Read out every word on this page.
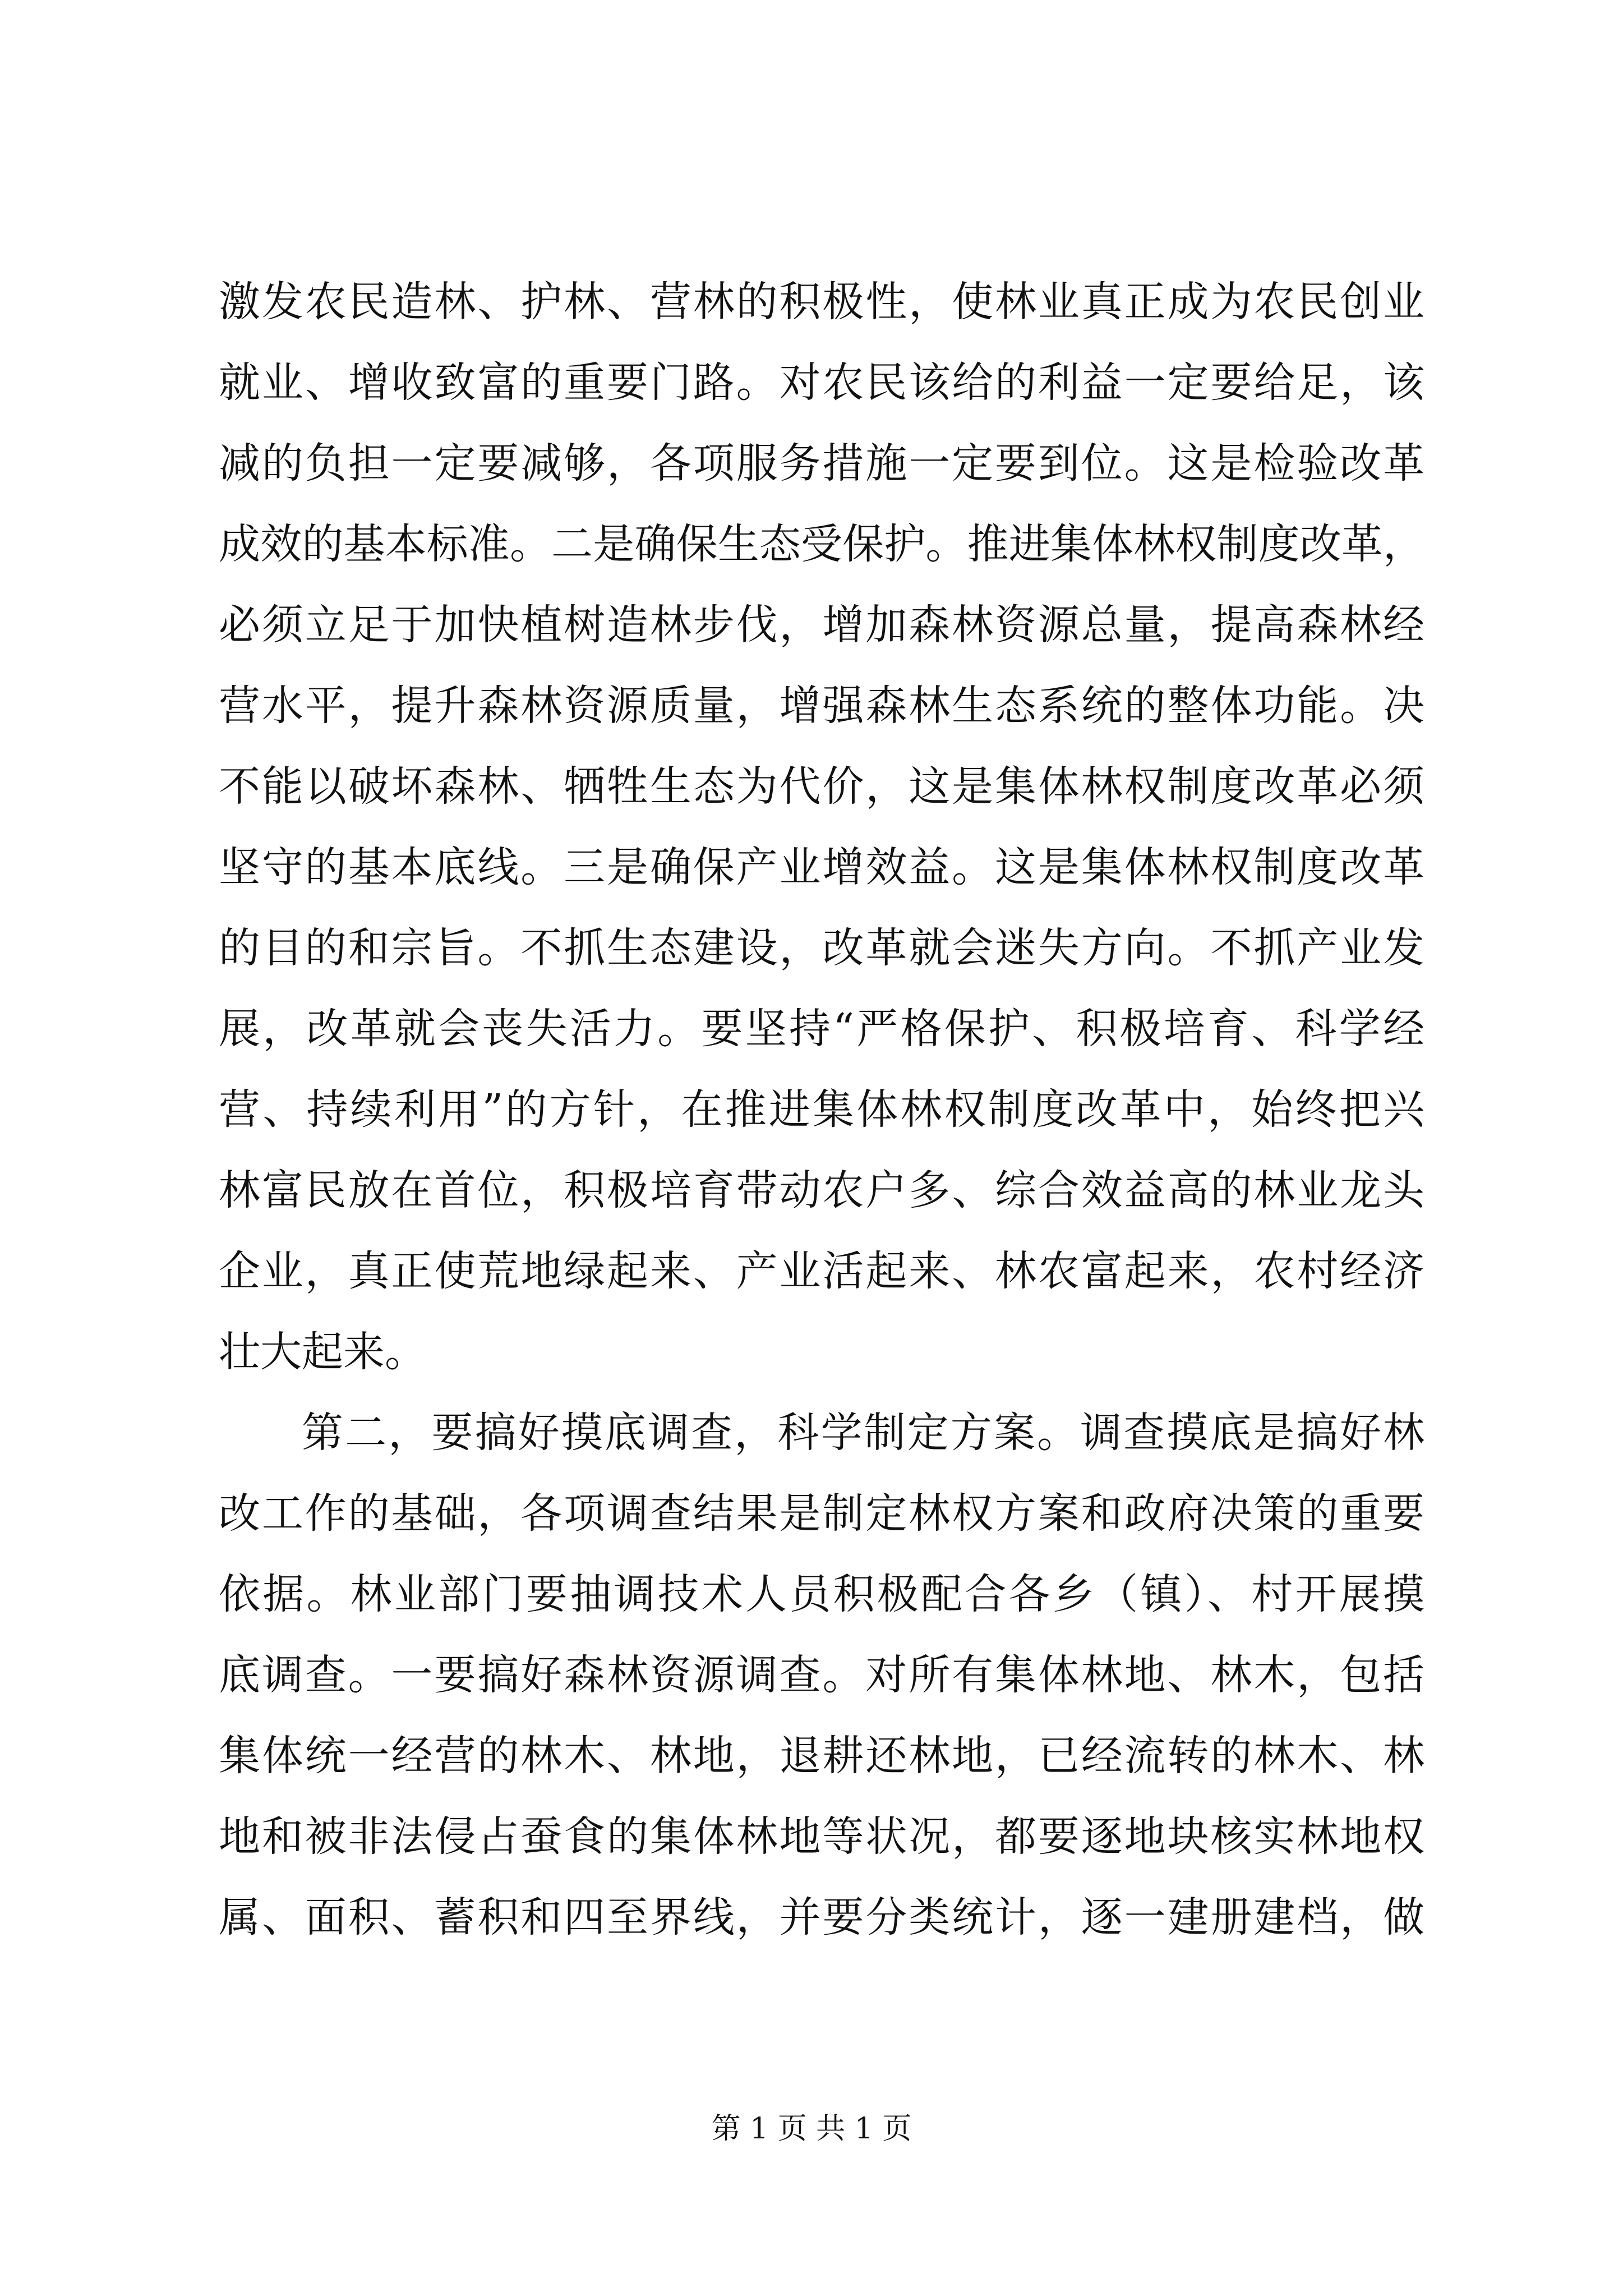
激发农民造林、护林、营林的积极性，使林业真正成为农民创业
就业、增收致富的重要门路。对农民该给的利益一定要给足，该
减的负担一定要减够，各项服务措施一定要到位。这是检验改革
成效的基本标准。二是确保生态受保护。推进集体林权制度改革，
必须立足于加快植树造林步伐，增加森林资源总量，提高森林经
营水平，提升森林资源质量，增强森林生态系统的整体功能。决
不能以破坏森林、牺牲生态为代价，这是集体林权制度改革必须
坚守的基本底线。三是确保产业增效益。这是集体林权制度改革
的目的和宗旨。不抓生态建设，改革就会迷失方向。不抓产业发
展，改革就会丧失活力。要坚持“严格保护、积极培育、科学经
营、持续利用”的方针，在推进集体林权制度改革中，始终把兴
林富民放在首位，积极培育带动农户多、综合效益高的林业龙头
企业，真正使荒地绿起来、产业活起来、林农富起来，农村经济
壮大起来。
第二，要搞好摸底调查，科学制定方案。调查摸底是搞好林
改工作的基础，各项调查结果是制定林权方案和政府决策的重要
依据。林业部门要抽调技术人员积极配合各乡（镇）、村开展摸
底调查。一要搞好森林资源调查。对所有集体林地、林木，包括
集体统一经营的林木、林地，退耕还林地，已经流转的林木、林
地和被非法侵占蚕食的集体林地等状况，都要逐地块核实林地权
属、面积、蓄积和四至界线，并要分类统计，逐一建册建档，做
第 1 页 共 1 页
